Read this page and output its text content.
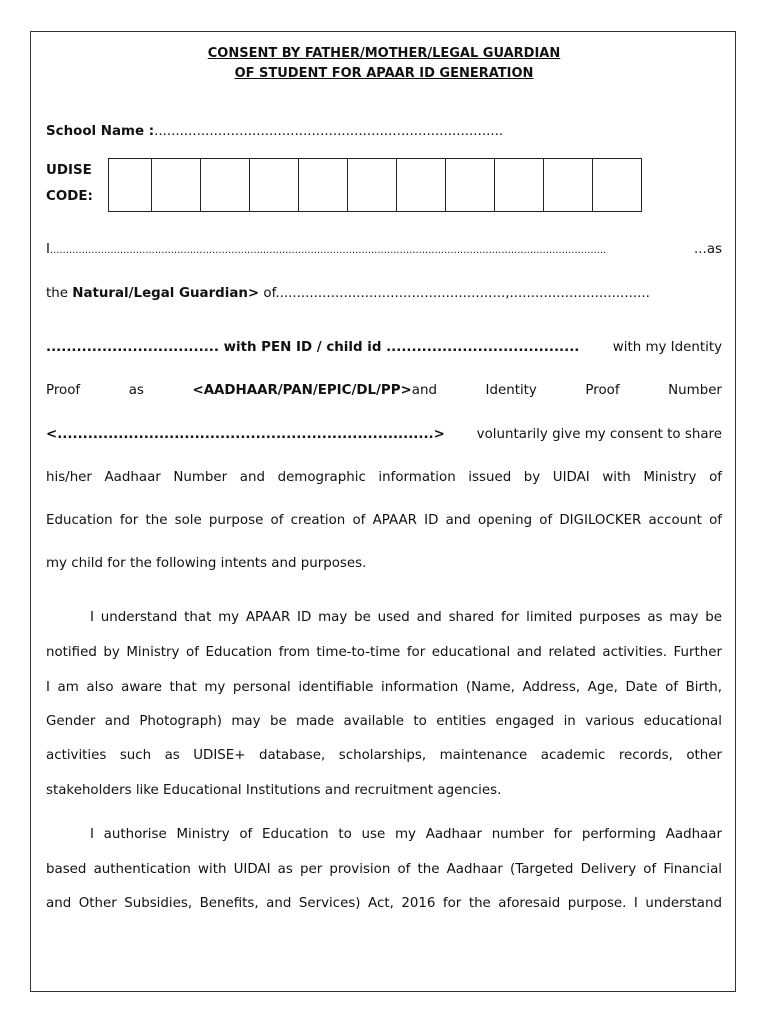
CONSENT BY FATHER/MOTHER/LEGAL GUARDIAN
OF STUDENT FOR APAAR ID GENERATION
School Name :..................................................................................
UDISE
CODE:
I ...............................................................................................................................................................................	...as
the Natural/Legal Guardian> of......................................................,.................................
.................................. with PEN ID / child id ...................................... with my Identity
Proof	as	<AADHAAR/PAN/EPIC/DL/PP>and	Identity	Proof	Number
<..........................................................................> voluntarily give my consent to share
his/her Aadhaar Number and demographic information issued by UIDAI with Ministry of
Education for the sole purpose of creation of APAAR ID and opening of DIGILOCKER account of
my child for the following intents and purposes.
I understand that my APAAR ID may be used and shared for limited purposes as may be
notified by Ministry of Education from time-to-time for educational and related activities. Further
I am also aware that my personal identifiable information (Name, Address, Age, Date of Birth,
Gender and Photograph) may be made available to entities engaged in various educational
activities such as UDISE+ database, scholarships, maintenance academic records, other
stakeholders like Educational Institutions and recruitment agencies.
I authorise Ministry of Education to use my Aadhaar number for performing Aadhaar
based authentication with UIDAI as per provision of the Aadhaar (Targeted Delivery of Financial
and Other Subsidies, Benefits, and Services) Act, 2016 for the aforesaid purpose. I understand
